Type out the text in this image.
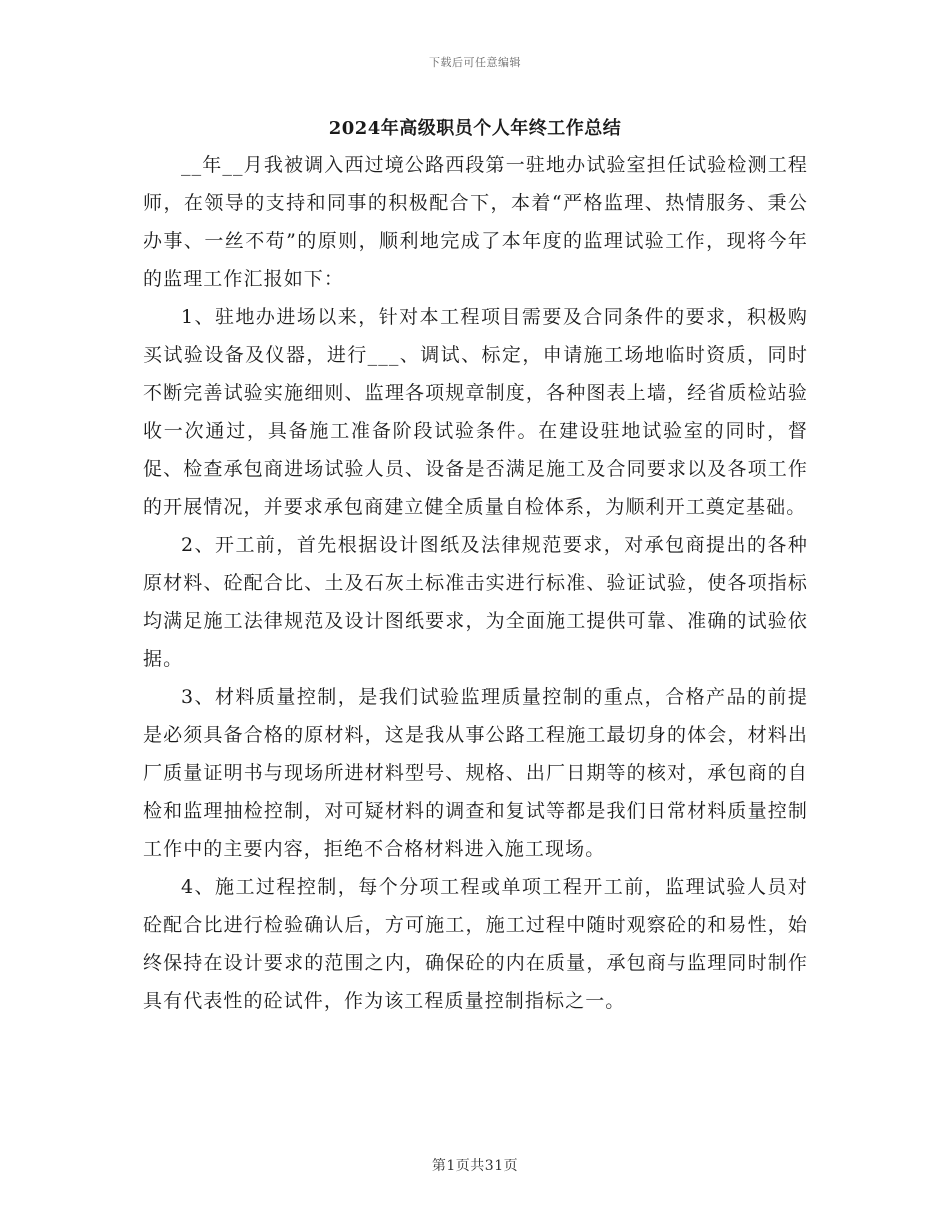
下载后可任意编辑
2024年高级职员个人年终工作总结

__年__月我被调入西过境公路西段第一驻地办试验室担任试验检测工程师，在领导的支持和同事的积极配合下，本着“严格监理、热情服务、秉公办事、一丝不苟”的原则，顺利地完成了本年度的监理试验工作，现将今年的监理工作汇报如下：

1、驻地办进场以来，针对本工程项目需要及合同条件的要求，积极购买试验设备及仪器，进行___、调试、标定，申请施工场地临时资质，同时不断完善试验实施细则、监理各项规章制度，各种图表上墙，经省质检站验收一次通过，具备施工准备阶段试验条件。在建设驻地试验室的同时，督促、检查承包商进场试验人员、设备是否满足施工及合同要求以及各项工作的开展情况，并要求承包商建立健全质量自检体系，为顺利开工奠定基础。

2、开工前，首先根据设计图纸及法律规范要求，对承包商提出的各种原材料、砼配合比、土及石灰土标准击实进行标准、验证试验，使各项指标均满足施工法律规范及设计图纸要求，为全面施工提供可靠、准确的试验依据。

3、材料质量控制，是我们试验监理质量控制的重点，合格产品的前提是必须具备合格的原材料，这是我从事公路工程施工最切身的体会，材料出厂质量证明书与现场所进材料型号、规格、出厂日期等的核对，承包商的自检和监理抽检控制，对可疑材料的调查和复试等都是我们日常材料质量控制工作中的主要内容，拒绝不合格材料进入施工现场。

4、施工过程控制，每个分项工程或单项工程开工前，监理试验人员对砼配合比进行检验确认后，方可施工，施工过程中随时观察砼的和易性，始终保持在设计要求的范围之内，确保砼的内在质量，承包商与监理同时制作具有代表性的砼试件，作为该工程质量控制指标之一。

第1页共31页
